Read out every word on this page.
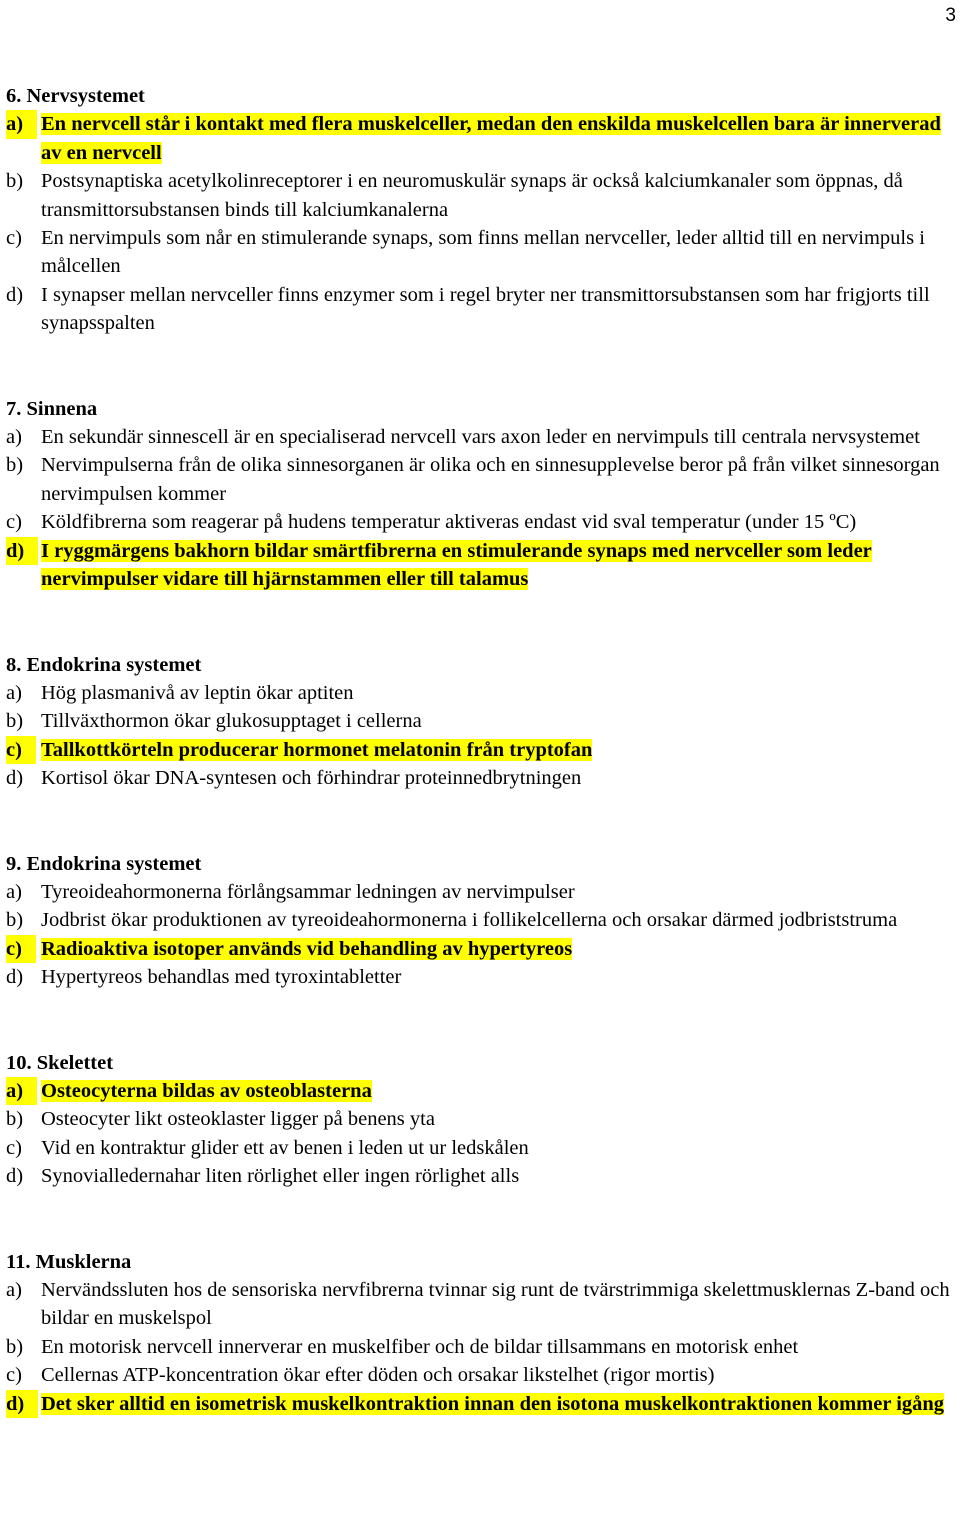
3
6. Nervsystemet
a) En nervcell står i kontakt med flera muskelceller, medan den enskilda muskelcellen bara är innerverad av en nervcell
b) Postsynaptiska acetylkolinreceptorer i en neuromuskulär synaps är också kalciumkanaler som öppnas, då transmittorsubstansen binds till kalciumkanalerna
c) En nervimpuls som når en stimulerande synaps, som finns mellan nervceller, leder alltid till en nervimpuls i målcellen
d) I synapser mellan nervceller finns enzymer som i regel bryter ner transmittorsubstansen som har frigjorts till synapsspalten
7. Sinnena
a) En sekundär sinnescell är en specialiserad nervcell vars axon leder en nervimpuls till centrala nervsystemet
b) Nervimpulserna från de olika sinnesorganen är olika och en sinnesupplevelse beror på från vilket sinnesorgan nervimpulsen kommer
c) Köldfibrerna som reagerar på hudens temperatur aktiveras endast vid sval temperatur (under 15 ºC)
d) I ryggmärgens bakhorn bildar smärtfibrerna en stimulerande synaps med nervceller som leder nervimpulser vidare till hjärnstammen eller till talamus
8. Endokrina systemet
a) Hög plasmanivå av leptin ökar aptiten
b) Tillväxthormon ökar glukosupptaget i cellerna
c) Tallkottkörteln producerar hormonet melatonin från tryptofan
d) Kortisol ökar DNA-syntesen och förhindrar proteinnedbrytningen
9. Endokrina systemet
a) Tyreoideahormonerna förlångsammar ledningen av nervimpulser
b) Jodbrist ökar produktionen av tyreoideahormonerna i follikelcellerna och orsakar därmed jodbriststruma
c) Radioaktiva isotoper används vid behandling av hypertyreos
d) Hypertyreos behandlas med tyroxintabletter
10. Skelettet
a) Osteocyterna bildas av osteoblasterna
b) Osteocyter likt osteoklaster ligger på benens yta
c) Vid en kontraktur glider ett av benen i leden ut ur ledskålen
d) Synovialledernahar liten rörlighet eller ingen rörlighet alls
11. Musklerna
a) Nervändssluten hos de sensoriska nervfibrerna tvinnar sig runt de tvärstrimmiga skelettmusklernas Z-band och bildar en muskelspol
b) En motorisk nervcell innerverar en muskelfiber och de bildar tillsammans en motorisk enhet
c) Cellernas ATP-koncentration ökar efter döden och orsakar likstelhet (rigor mortis)
d) Det sker alltid en isometrisk muskelkontraktion innan den isotona muskelkontraktionen kommer igång
